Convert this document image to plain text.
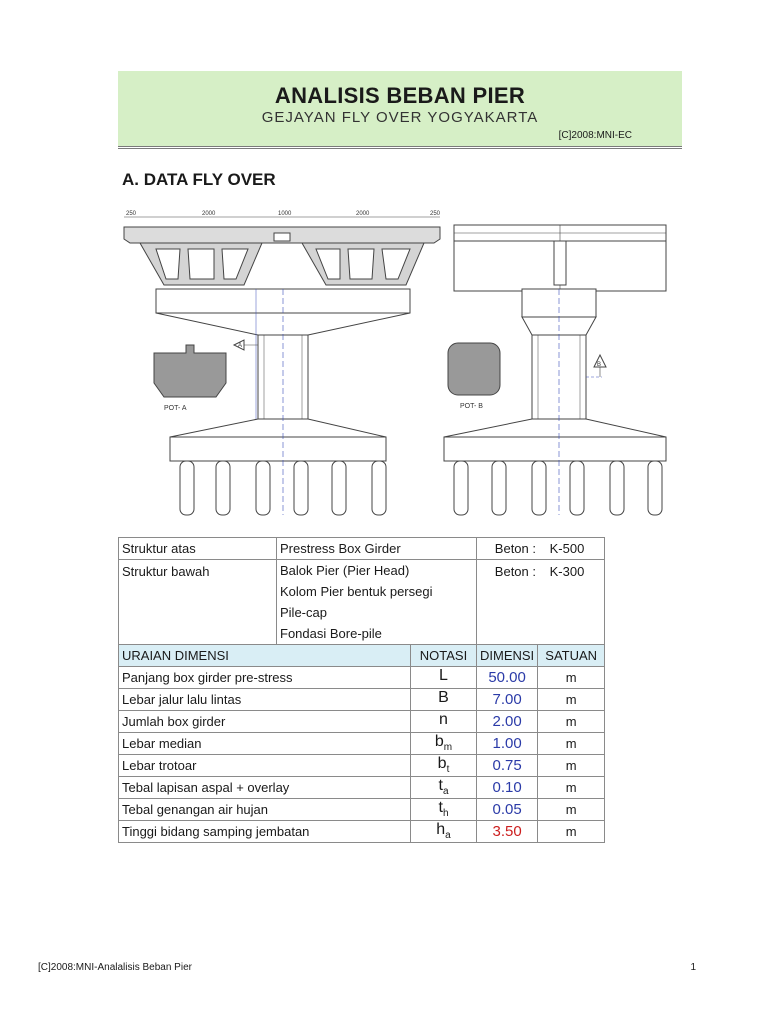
ANALISIS BEBAN PIER
GEJAYAN FLY OVER YOGYAKARTA
[C]2008:MNI-EC
A. DATA FLY OVER
250	2000	1000	2000	250
A
B
POT- A	POT- B
Struktur atas	Prestress Box Girder		Beton : K-500	
Struktur bawah	Balok Pier (Pier Head)		Beton : K-300	
	Kolom Pier bentuk persegi			
	Pile-cap			
	Fondasi Bore-pile			
URAIAN DIMENSI		NOTASI	DIMENSI	SATUAN
Panjang box girder pre-stress		L	50.00	m
Lebar jalur lalu lintas		B	7.00	m
Jumlah box girder		n	2.00	m
Lebar median		$b_m$	1.00	m
Lebar trotoar		$b_t$	0.75	m
Tebal lapisan aspal + overlay		$t_a$	0.10	m
Tebal genangan air hujan		$t_h$	0.05	m
Tinggi bidang samping jembatan		$h_a$	3.50	m
[C]2008:MNI-Analalisis Beban Pier	1
